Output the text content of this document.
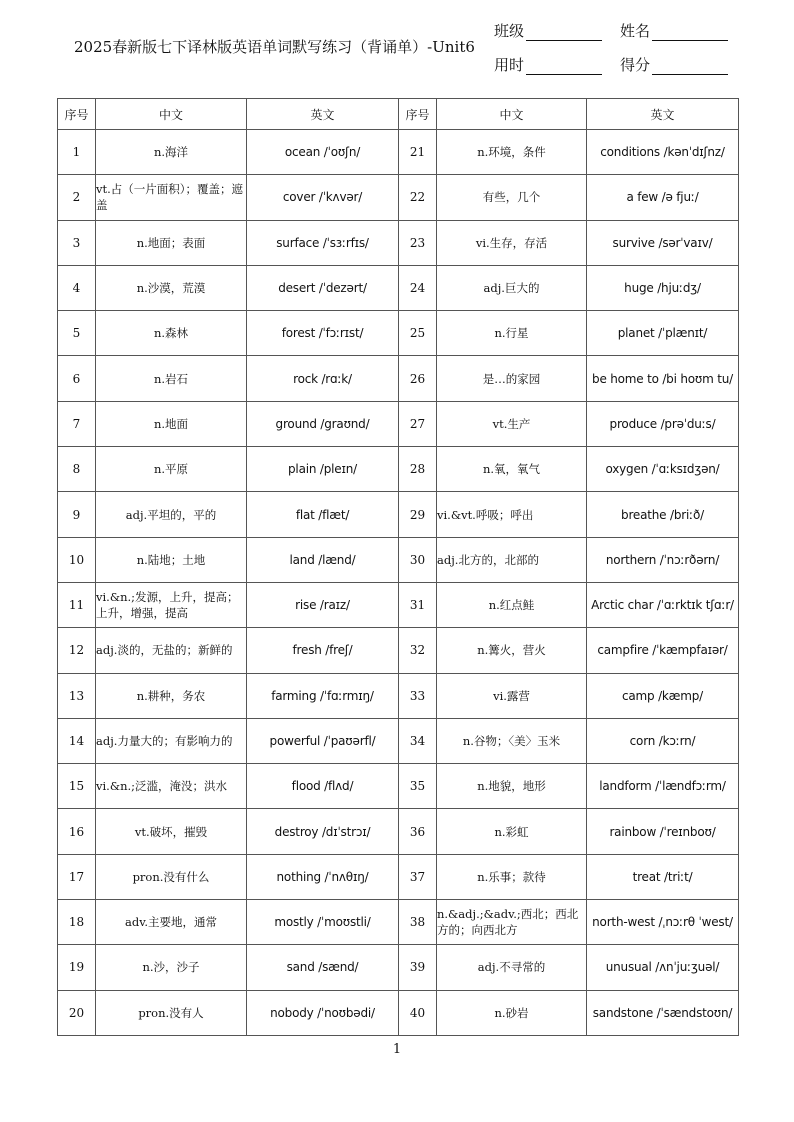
2025春新版七下译林版英语单词默写练习（背诵单）-Unit6
班级	姓名
用时	得分
序号	中文	英文	序号	中文	英文
1	n.海洋	ocean /ˈoʊʃn/	21	n.环境，条件	conditions /kənˈdɪʃnz/
2	vt.占（一片面积）；覆盖；遮盖	cover /ˈkʌvər/	22	有些，几个	a few /ə fjuː/
3	n.地面；表面	surface /ˈsɜːrfɪs/	23	vi.生存，存活	survive /sərˈvaɪv/
4	n.沙漠，荒漠	desert /ˈdezərt/	24	adj.巨大的	huge /hjuːdʒ/
5	n.森林	forest /ˈfɔːrɪst/	25	n.行星	planet /ˈplænɪt/
6	n.岩石	rock /rɑːk/	26	是…的家园	be home to /bi hoʊm tu/
7	n.地面	ground /graʊnd/	27	vt.生产	produce /prəˈduːs/
8	n.平原	plain /pleɪn/	28	n.氧，氧气	oxygen /ˈɑːksɪdʒən/
9	adj.平坦的，平的	flat /flæt/	29	vi.&vt.呼吸；呼出	breathe /briːð/
10	n.陆地；土地	land /lænd/	30	adj.北方的，北部的	northern /ˈnɔːrðərn/
11	vi.&n.;发源，上升，提高；上升，增强，提高	rise /raɪz/	31	n.红点鲑	Arctic char /ˈɑːrktɪk tʃɑːr/
12	adj.淡的，无盐的；新鲜的	fresh /freʃ/	32	n.篝火，营火	campfire /ˈkæmpfaɪər/
13	n.耕种，务农	farming /ˈfɑːrmɪŋ/	33	vi.露营	camp /kæmp/
14	adj.力量大的；有影响力的	powerful /ˈpaʊərfl/	34	n.谷物；〈美〉玉米	corn /kɔːrn/
15	vi.&n.;泛滥，淹没；洪水	flood /flʌd/	35	n.地貌，地形	landform /ˈlændfɔːrm/
16	vt.破坏，摧毁	destroy /dɪˈstrɔɪ/	36	n.彩虹	rainbow /ˈreɪnboʊ/
17	pron.没有什么	nothing /ˈnʌθɪŋ/	37	n.乐事；款待	treat /triːt/
18	adv.主要地，通常	mostly /ˈmoʊstli/	38	n.&adj.;&adv.;西北；西北方的；向西北方	north-west /ˌnɔːrθ ˈwest/
19	n.沙，沙子	sand /sænd/	39	adj.不寻常的	unusual /ʌnˈjuːʒuəl/
20	pron.没有人	nobody /ˈnoʊbədi/	40	n.砂岩	sandstone /ˈsændstoʊn/
1
